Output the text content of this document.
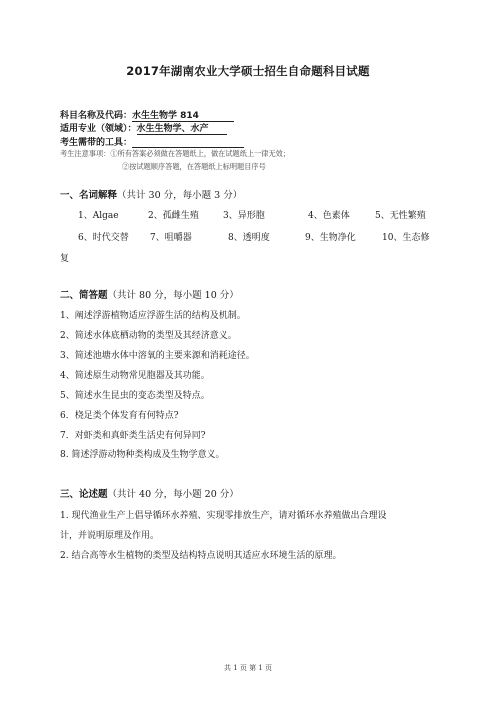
2017年湖南农业大学硕士招生自命题科目试题
科目名称及代码：水生生物学 814
适用专业（领域）：水生生物学、水产
考生需带的工具：
考生注意事项：①所有答案必须做在答题纸上，做在试题纸上一律无效；
②按试题顺序答题，在答题纸上标明题目序号
一、名词解释（共计 30 分，每小题 3 分）
1、Algae	2、孤雌生殖	3、异形胞	4、色素体	5、无性繁殖
6、时代交替 7、咀嚼器	8、透明度	9、生物净化	10、生态修
复
二、简答题（共计 80 分，每小题 10 分）
1、阐述浮游植物适应浮游生活的结构及机制。
2、简述水体底栖动物的类型及其经济意义。
3、简述池塘水体中溶氧的主要来源和消耗途径。
4、简述原生动物常见胞器及其功能。
5、简述水生昆虫的变态类型及特点。
6．桡足类个体发育有何特点?
7．对虾类和真虾类生活史有何异同?
8. 简述浮游动物种类构成及生物学意义。
三、论述题（共计 40 分，每小题 20 分）
1. 现代渔业生产上倡导循环水养殖、实现零排放生产，请对循环水养殖做出合理设
计，并说明原理及作用。
2. 结合高等水生植物的类型及结构特点说明其适应水环境生活的原理。
共 1 页 第 1 页
